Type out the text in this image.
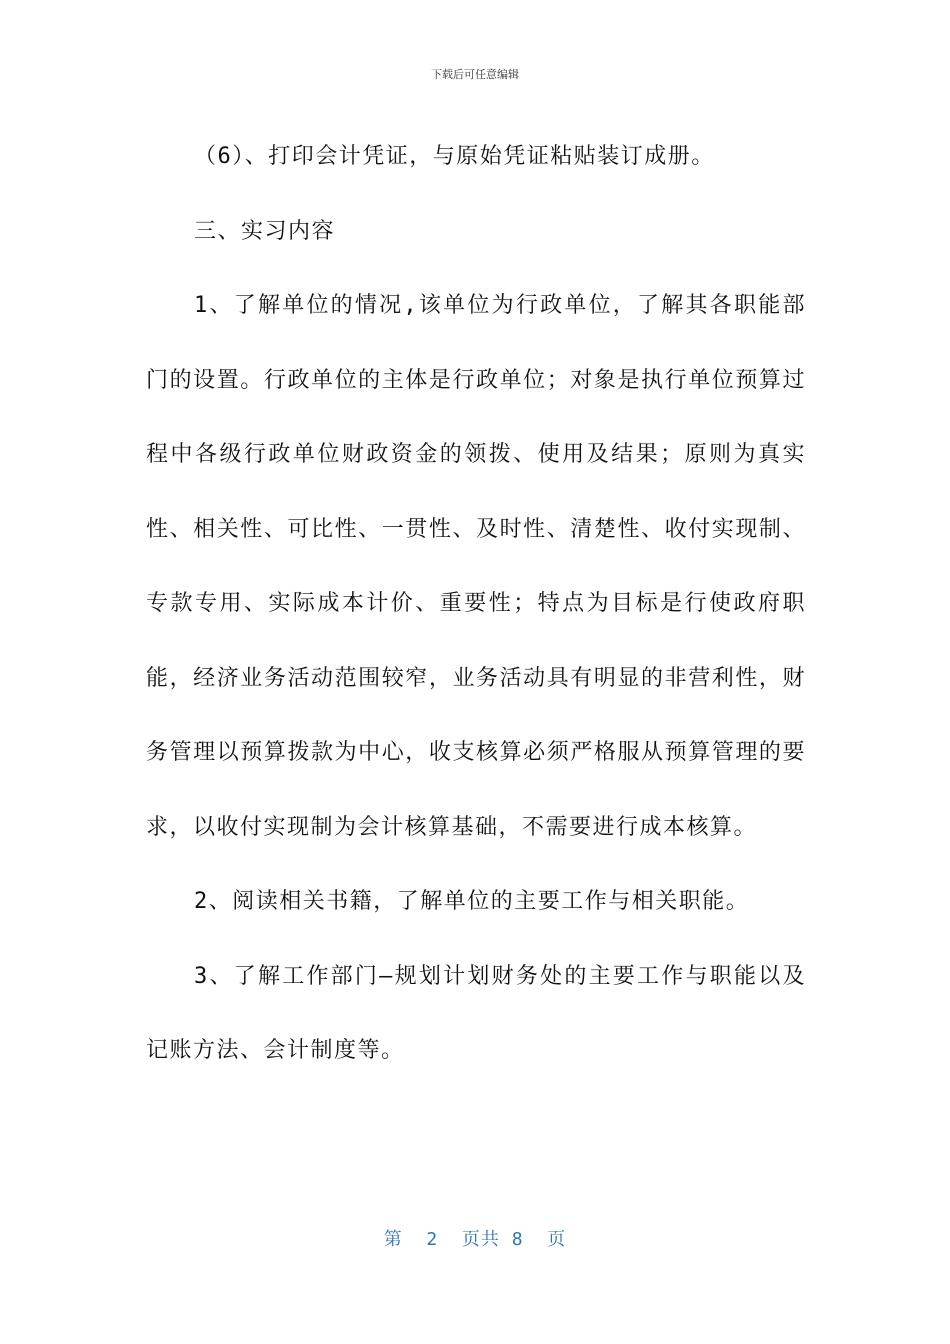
下载后可任意编辑

（6）、打印会计凭证，与原始凭证粘贴装订成册。

三、实习内容

1、了解单位的情况,该单位为行政单位，了解其各职能部门的设置。行政单位的主体是行政单位；对象是执行单位预算过程中各级行政单位财政资金的领拨、使用及结果；原则为真实性、相关性、可比性、一贯性、及时性、清楚性、收付实现制、专款专用、实际成本计价、重要性；特点为目标是行使政府职能，经济业务活动范围较窄，业务活动具有明显的非营利性，财务管理以预算拨款为中心，收支核算必须严格服从预算管理的要求，以收付实现制为会计核算基础，不需要进行成本核算。

2、阅读相关书籍，了解单位的主要工作与相关职能。

3、了解工作部门—规划计划财务处的主要工作与职能以及记账方法、会计制度等。

第  2  页共 8  页
